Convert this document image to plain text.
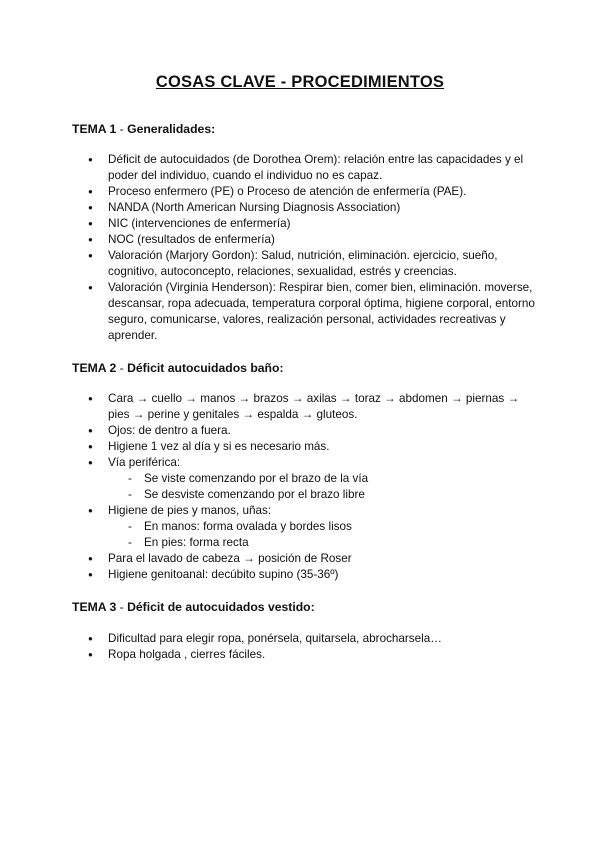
COSAS CLAVE - PROCEDIMIENTOS

TEMA 1 - Generalidades:

● Déficit de autocuidados (de Dorothea Orem): relación entre las capacidades y el poder del individuo, cuando el individuo no es capaz.
● Proceso enfermero (PE) o Proceso de atención de enfermería (PAE).
● NANDA (North American Nursing Diagnosis Association)
● NIC (intervenciones de enfermería)
● NOC (resultados de enfermería)
● Valoración (Marjory Gordon): Salud, nutrición, eliminación. ejercicio, sueño, cognitivo, autoconcepto, relaciones, sexualidad, estrés y creencias.
● Valoración (Virginia Henderson): Respirar bien, comer bien, eliminación. moverse, descansar, ropa adecuada, temperatura corporal óptima, higiene corporal, entorno seguro, comunicarse, valores, realización personal, actividades recreativas y aprender.

TEMA 2 - Déficit autocuidados baño:

● Cara → cuello → manos → brazos → axilas → toraz → abdomen → piernas → pies → perine y genitales → espalda → gluteos.
● Ojos: de dentro a fuera.
● Higiene 1 vez al día y si es necesario más.
● Vía periférica:
- Se viste comenzando por el brazo de la vía
- Se desviste comenzando por el brazo libre
● Higiene de pies y manos, uñas:
- En manos: forma ovalada y bordes lisos
- En pies: forma recta
● Para el lavado de cabeza → posición de Roser
● Higiene genitoanal: decúbito supino (35-36º)

TEMA 3 - Déficit de autocuidados vestido:

● Dificultad para elegir ropa, ponérsela, quitarsela, abrocharsela…
● Ropa holgada , cierres fáciles.
